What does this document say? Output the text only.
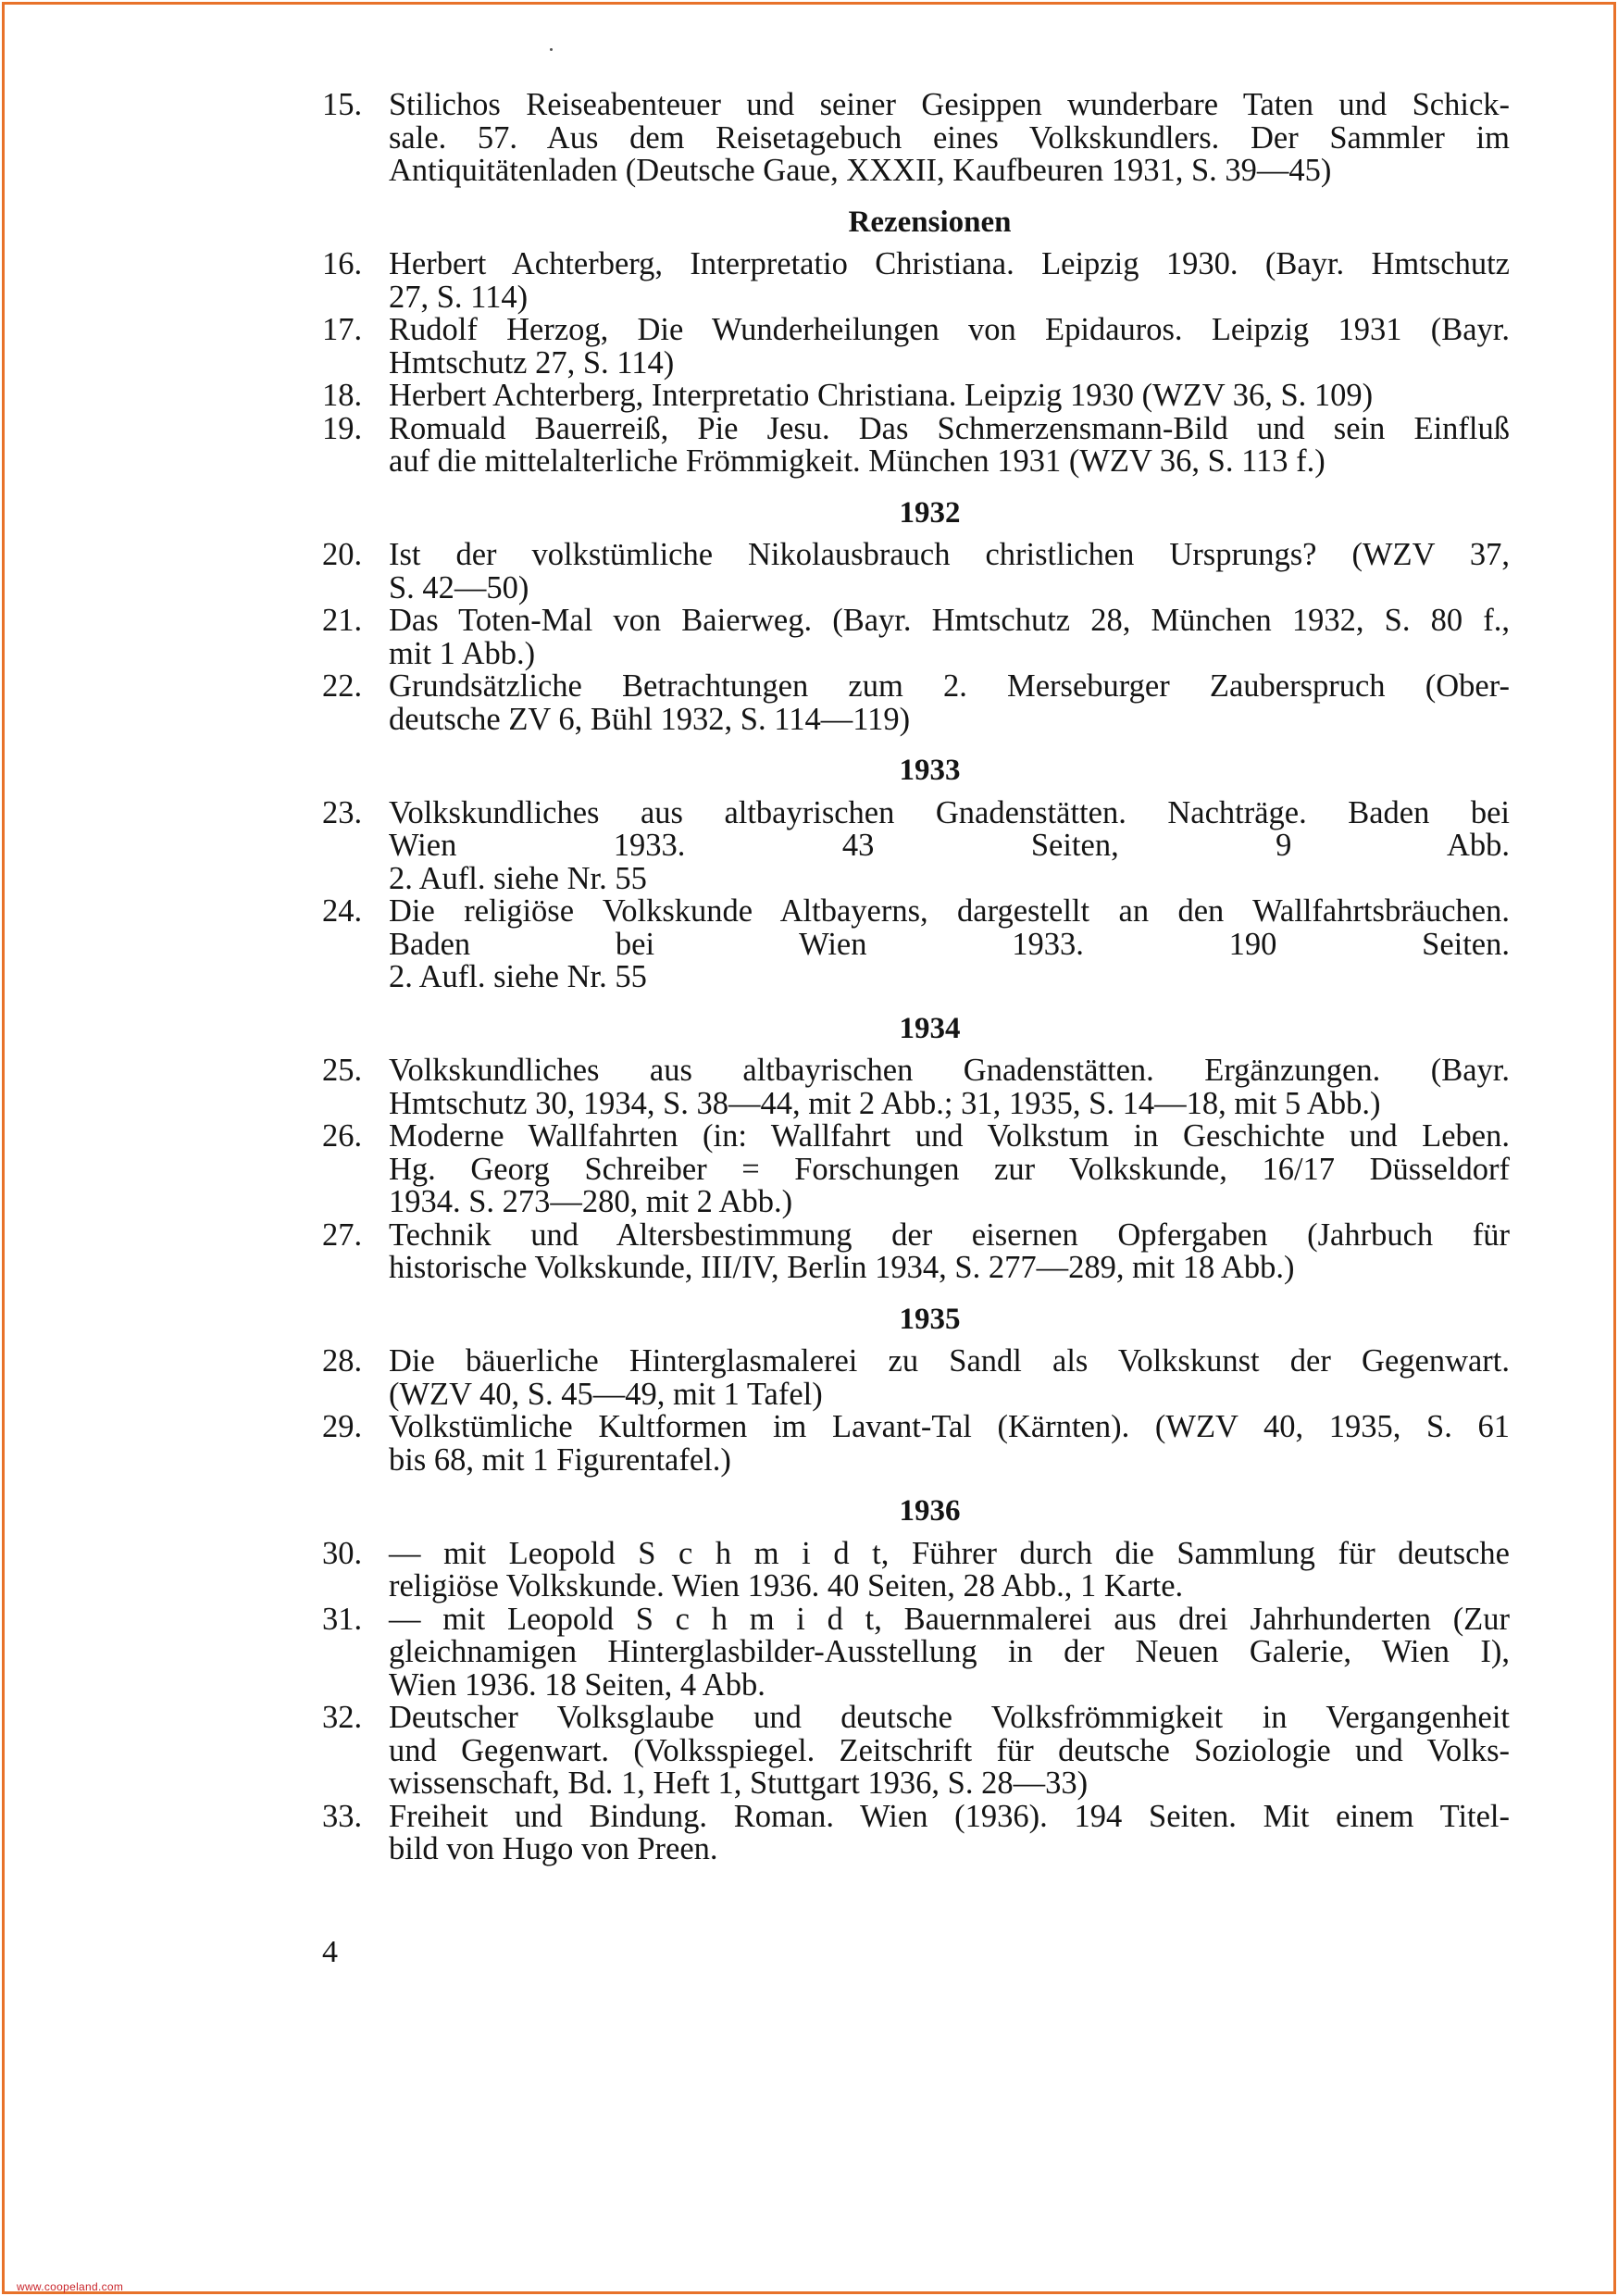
15. Stilichos Reiseabenteuer und seiner Gesippen wunderbare Taten und Schick-
sale. 57. Aus dem Reisetagebuch eines Volkskundlers. Der Sammler im
Antiquitätenladen (Deutsche Gaue, XXXII, Kaufbeuren 1931, S. 39—45)
Rezensionen
16. Herbert Achterberg, Interpretatio Christiana. Leipzig 1930. (Bayr. Hmtschutz
27, S. 114)
17. Rudolf Herzog, Die Wunderheilungen von Epidauros. Leipzig 1931 (Bayr.
Hmtschutz 27, S. 114)
18. Herbert Achterberg, Interpretatio Christiana. Leipzig 1930 (WZV 36, S. 109)
19. Romuald Bauerreiß, Pie Jesu. Das Schmerzensmann-Bild und sein Einfluß
auf die mittelalterliche Frömmigkeit. München 1931 (WZV 36, S. 113 f.)
1932
20. Ist der volkstümliche Nikolausbrauch christlichen Ursprungs? (WZV 37,
S. 42—50)
21. Das Toten-Mal von Baierweg. (Bayr. Hmtschutz 28, München 1932, S. 80 f.,
mit 1 Abb.)
22. Grundsätzliche Betrachtungen zum 2. Merseburger Zauberspruch (Ober-
deutsche ZV 6, Bühl 1932, S. 114—119)
1933
23. Volkskundliches aus altbayrischen Gnadenstätten. Nachträge. Baden bei
Wien 1933. 43 Seiten, 9 Abb.
2. Aufl. siehe Nr. 55
24. Die religiöse Volkskunde Altbayerns, dargestellt an den Wallfahrtsbräuchen.
Baden bei Wien 1933. 190 Seiten.
2. Aufl. siehe Nr. 55
1934
25. Volkskundliches aus altbayrischen Gnadenstätten. Ergänzungen. (Bayr.
Hmtschutz 30, 1934, S. 38—44, mit 2 Abb.; 31, 1935, S. 14—18, mit 5 Abb.)
26. Moderne Wallfahrten (in: Wallfahrt und Volkstum in Geschichte und Leben.
Hg. Georg Schreiber = Forschungen zur Volkskunde, 16/17 Düsseldorf
1934. S. 273—280, mit 2 Abb.)
27. Technik und Altersbestimmung der eisernen Opfergaben (Jahrbuch für
historische Volkskunde, III/IV, Berlin 1934, S. 277—289, mit 18 Abb.)
1935
28. Die bäuerliche Hinterglasmalerei zu Sandl als Volkskunst der Gegenwart.
(WZV 40, S. 45—49, mit 1 Tafel)
29. Volkstümliche Kultformen im Lavant-Tal (Kärnten). (WZV 40, 1935, S. 61
bis 68, mit 1 Figurentafel.)
1936
30. — mit Leopold S c h m i d t, Führer durch die Sammlung für deutsche
religiöse Volkskunde. Wien 1936. 40 Seiten, 28 Abb., 1 Karte.
31. — mit Leopold S c h m i d t, Bauernmalerei aus drei Jahrhunderten (Zur
gleichnamigen Hinterglasbilder-Ausstellung in der Neuen Galerie, Wien I),
Wien 1936. 18 Seiten, 4 Abb.
32. Deutscher Volksglaube und deutsche Volksfrömmigkeit in Vergangenheit
und Gegenwart. (Volksspiegel. Zeitschrift für deutsche Soziologie und Volks-
wissenschaft, Bd. 1, Heft 1, Stuttgart 1936, S. 28—33)
33. Freiheit und Bindung. Roman. Wien (1936). 194 Seiten. Mit einem Titel-
bild von Hugo von Preen.
4
www.coopeland.com
